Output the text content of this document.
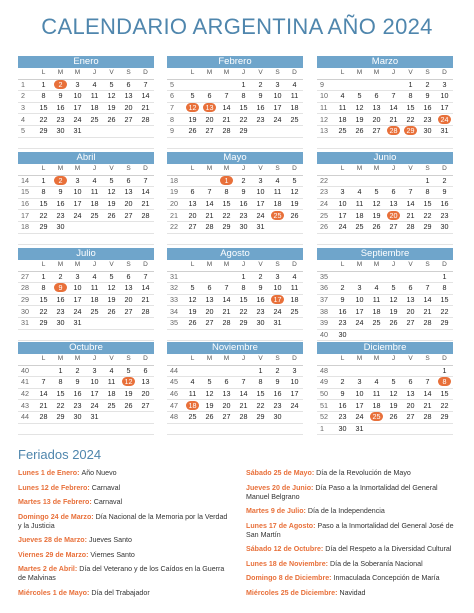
CALENDARIO ARGENTINA AÑO 2024
Enero
	L	M	M	J	V	S	D
1	1	2	3	4	5	6	7
2	8	9	10	11	12	13	14
3	15	16	17	18	19	20	21
4	22	23	24	25	26	27	28
5	29	30	31				

Febrero
	L	M	M	J	V	S	D
5				1	2	3	4
6	5	6	7	8	9	10	11
7	12	13	14	15	16	17	18
8	19	20	21	22	23	24	25
9	26	27	28	29			

Marzo
	L	M	M	J	V	S	D
9					1	2	3
10	4	5	6	7	8	9	10
11	11	12	13	14	15	16	17
12	18	19	20	21	22	23	24
13	25	26	27	28	29	30	31

Abril
	L	M	M	J	V	S	D
14	1	2	3	4	5	6	7
15	8	9	10	11	12	13	14
16	15	16	17	18	19	20	21
17	22	23	24	25	26	27	28
18	29	30					

Mayo
	L	M	M	J	V	S	D
18			1	2	3	4	5
19	6	7	8	9	10	11	12
20	13	14	15	16	17	18	19
21	20	21	22	23	24	25	26
22	27	28	29	30	31		

Junio
	L	M	M	J	V	S	D
22						1	2
23	3	4	5	6	7	8	9
24	10	11	12	13	14	15	16
25	17	18	19	20	21	22	23
26	24	25	26	27	28	29	30

Julio
	L	M	M	J	V	S	D
27	1	2	3	4	5	6	7
28	8	9	10	11	12	13	14
29	15	16	17	18	19	20	21
30	22	23	24	25	26	27	28
31	29	30	31				

Agosto
	L	M	M	J	V	S	D
31				1	2	3	4
32	5	6	7	8	9	10	11
33	12	13	14	15	16	17	18
34	19	20	21	22	23	24	25
35	26	27	28	29	30	31	

Septiembre
	L	M	M	J	V	S	D
35							1
36	2	3	4	5	6	7	8
37	9	10	11	12	13	14	15
38	16	17	18	19	20	21	22
39	23	24	25	26	27	28	29
40	30						
Octubre
	L	M	M	J	V	S	D
40		1	2	3	4	5	6
41	7	8	9	10	11	12	13
42	14	15	16	17	18	19	20
43	21	22	23	24	25	26	27
44	28	29	30	31			

Noviembre
	L	M	M	J	V	S	D
44					1	2	3
45	4	5	6	7	8	9	10
46	11	12	13	14	15	16	17
47	18	19	20	21	22	23	24
48	25	26	27	28	29	30	

Diciembre
	L	M	M	J	V	S	D
48							1
49	2	3	4	5	6	7	8
50	9	10	11	12	13	14	15
51	16	17	18	19	20	21	22
52	23	24	25	26	27	28	29
1	30	31					
Feriados 2024
Lunes 1 de Enero: Año Nuevo
Lunes 12 de Febrero: Carnaval
Martes 13 de Febrero: Carnaval
Domingo 24 de Marzo: Día Nacional de la Memoria por la Verdad y la Justicia
Jueves 28 de Marzo: Jueves Santo
Viernes 29 de Marzo: Viernes Santo
Martes 2 de Abril: Día del Veterano y de los Caídos en la Guerra de Malvinas
Miércoles 1 de Mayo: Día del Trabajador
Sábado 25 de Mayo: Día de la Revolución de Mayo
Jueves 20 de Junio: Día Paso a la Inmortalidad del General Manuel Belgrano
Martes 9 de Julio: Día de la Independencia
Lunes 17 de Agosto: Paso a la Inmortalidad del General José de San Martín
Sábado 12 de Octubre: Día del Respeto a la Diversidad Cultural
Lunes 18 de Noviembre: Día de la Soberanía Nacional
Domingo 8 de Diciembre: Inmaculada Concepción de María
Miércoles 25 de Diciembre: Navidad
